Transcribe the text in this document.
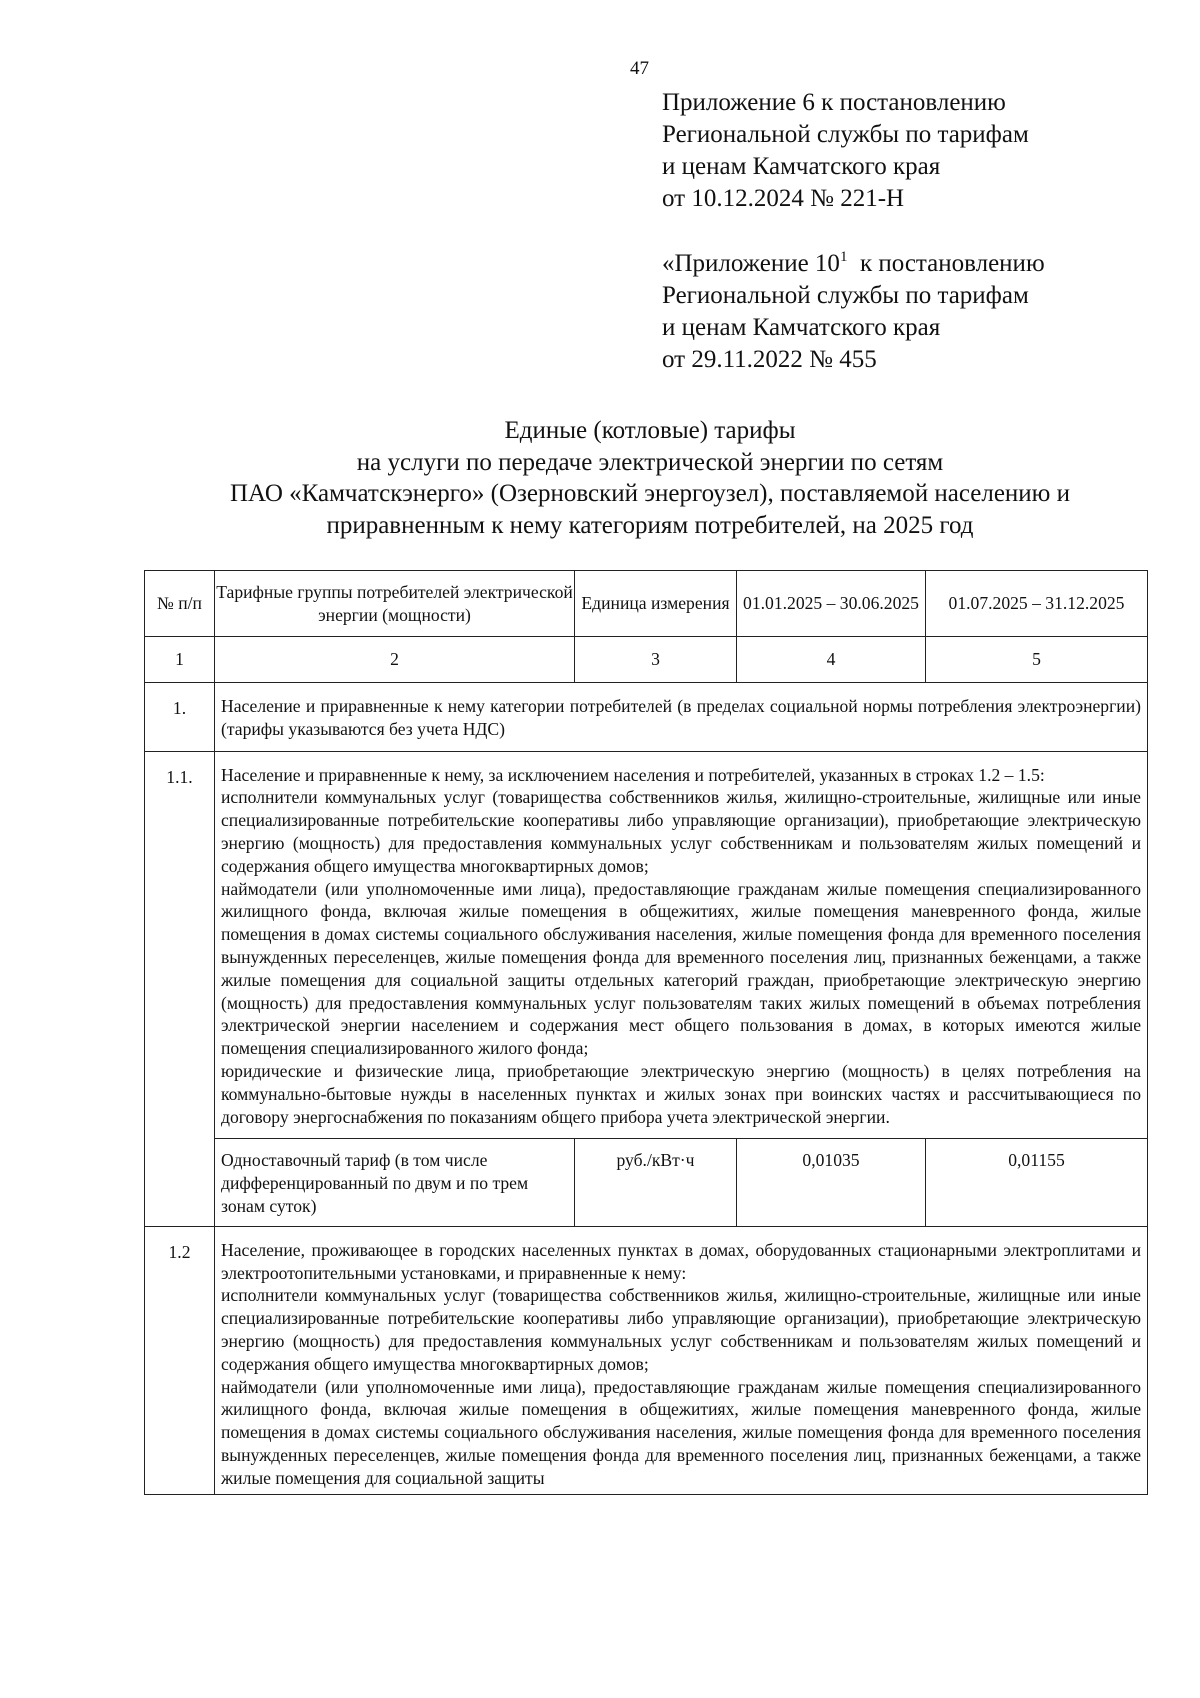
47
Приложение 6 к постановлению
Региональной службы по тарифам
и ценам Камчатского края
от 10.12.2024 № 221-Н
«Приложение 10$^1$ к постановлению
Региональной службы по тарифам
и ценам Камчатского края
от 29.11.2022 № 455
Единые (котловые) тарифы
на услуги по передаче электрической энергии по сетям
ПАО «Камчатскэнерго» (Озерновский энергоузел), поставляемой населению и
приравненным к нему категориям потребителей, на 2025 год
№ п/п	Тарифные группы потребителей электрической энергии (мощности)	Единица измерения	01.01.2025 – 30.06.2025	01.07.2025 – 31.12.2025
1	2	3	4	5
1.	Население и приравненные к нему категории потребителей (в пределах социальной нормы потребления электроэнергии) (тарифы указываются без учета НДС)			
1.1.	Население и приравненные к нему, за исключением населения и потребителей, указанных в строках 1.2 – 1.5:

исполнители коммунальных услуг (товарищества собственников жилья, жилищно-строительные, жилищные или иные специализированные потребительские кооперативы либо управляющие организации), приобретающие электрическую энергию (мощность) для предоставления коммунальных услуг собственникам и пользователям жилых помещений и содержания общего имущества многоквартирных домов;

наймодатели (или уполномоченные ими лица), предоставляющие гражданам жилые помещения специализированного жилищного фонда, включая жилые помещения в общежитиях, жилые помещения маневренного фонда, жилые помещения в домах системы социального обслуживания населения, жилые помещения фонда для временного поселения вынужденных переселенцев, жилые помещения фонда для временного поселения лиц, признанных беженцами, а также жилые помещения для социальной защиты отдельных категорий граждан, приобретающие электрическую энергию (мощность) для предоставления коммунальных услуг пользователям таких жилых помещений в объемах потребления электрической энергии населением и содержания мест общего пользования в домах, в которых имеются жилые помещения специализированного жилого фонда;

юридические и физические лица, приобретающие электрическую энергию (мощность) в целях потребления на коммунально-бытовые нужды в населенных пунктах и жилых зонах при воинских частях и рассчитывающиеся по договору энергоснабжения по показаниям общего прибора учета электрической энергии.			

	Одноставочный тариф (в том числе дифференцированный по двум и по трем зонам суток)	руб./кВт·ч	0,01035	0,01155
1.2	Население, проживающее в городских населенных пунктах в домах, оборудованных стационарными электроплитами и электроотопительными установками, и приравненные к нему:

исполнители коммунальных услуг (товарищества собственников жилья, жилищно-строительные, жилищные или иные специализированные потребительские кооперативы либо управляющие организации), приобретающие электрическую энергию (мощность) для предоставления коммунальных услуг собственникам и пользователям жилых помещений и содержания общего имущества многоквартирных домов;

наймодатели (или уполномоченные ими лица), предоставляющие гражданам жилые помещения специализированного жилищного фонда, включая жилые помещения в общежитиях, жилые помещения маневренного фонда, жилые помещения в домах системы социального обслуживания населения, жилые помещения фонда для временного поселения вынужденных переселенцев, жилые помещения фонда для временного поселения лиц, признанных беженцами, а также жилые помещения для социальной защиты			
